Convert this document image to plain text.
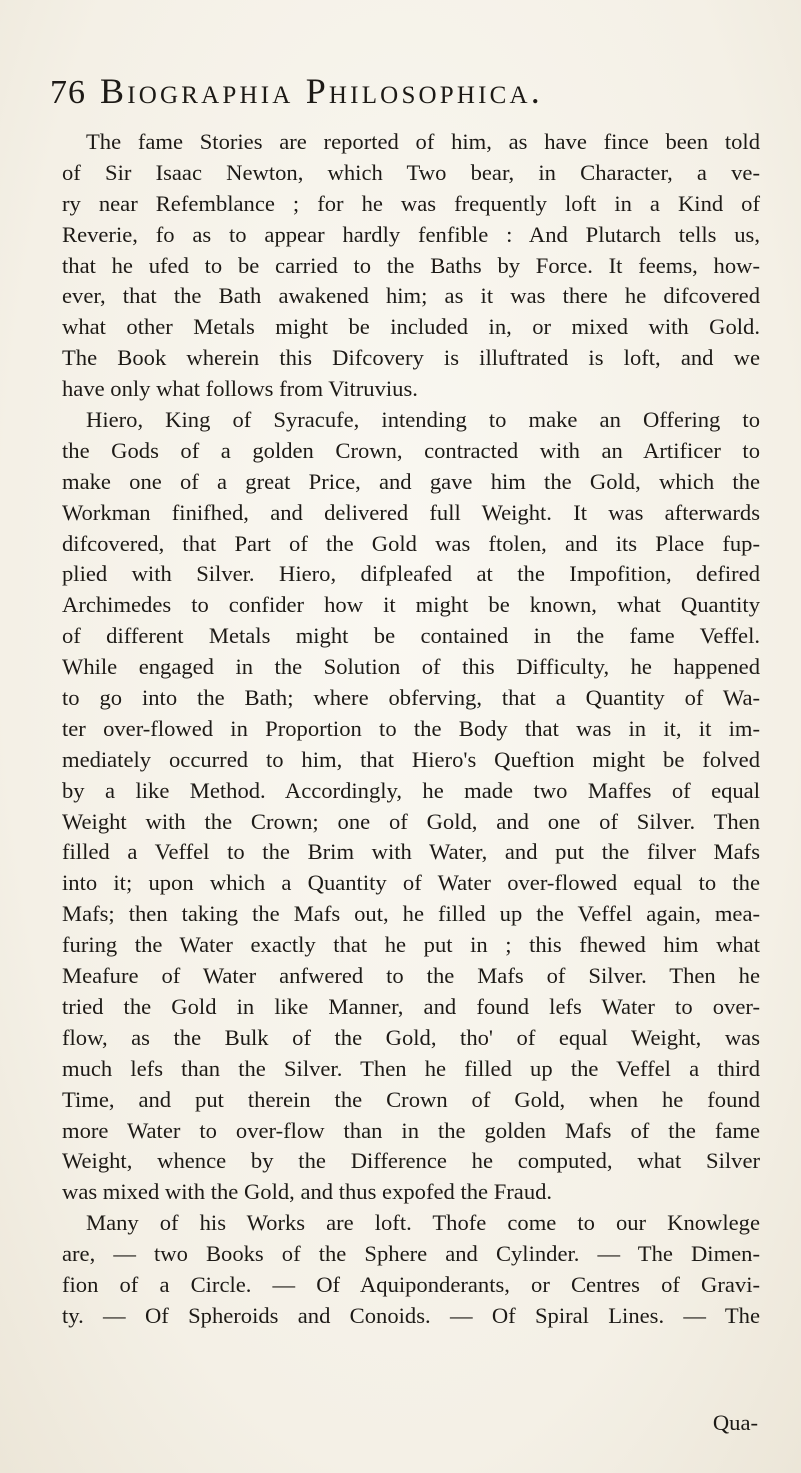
76 Biographia Philosophica.
The fame Stories are reported of him, as have fince been told
of Sir Isaac Newton, which Two bear, in Character, a ve-
ry near Refemblance ; for he was frequently loft in a Kind of
Reverie, fo as to appear hardly fenfible : And Plutarch tells us,
that he ufed to be carried to the Baths by Force. It feems, how-
ever, that the Bath awakened him; as it was there he difcovered
what other Metals might be included in, or mixed with Gold.
The Book wherein this Difcovery is illuftrated is loft, and we
have only what follows from Vitruvius.
Hiero, King of Syracufe, intending to make an Offering to
the Gods of a golden Crown, contracted with an Artificer to
make one of a great Price, and gave him the Gold, which the
Workman finifhed, and delivered full Weight. It was afterwards
difcovered, that Part of the Gold was ftolen, and its Place fup-
plied with Silver. Hiero, difpleafed at the Impofition, defired
Archimedes to confider how it might be known, what Quantity
of different Metals might be contained in the fame Veffel.
While engaged in the Solution of this Difficulty, he happened
to go into the Bath; where obferving, that a Quantity of Wa-
ter over-flowed in Proportion to the Body that was in it, it im-
mediately occurred to him, that Hiero's Queftion might be folved
by a like Method. Accordingly, he made two Maffes of equal
Weight with the Crown; one of Gold, and one of Silver. Then
filled a Veffel to the Brim with Water, and put the filver Mafs
into it; upon which a Quantity of Water over-flowed equal to the
Mafs; then taking the Mafs out, he filled up the Veffel again, mea-
furing the Water exactly that he put in ; this fhewed him what
Meafure of Water anfwered to the Mafs of Silver. Then he
tried the Gold in like Manner, and found lefs Water to over-
flow, as the Bulk of the Gold, tho' of equal Weight, was
much lefs than the Silver. Then he filled up the Veffel a third
Time, and put therein the Crown of Gold, when he found
more Water to over-flow than in the golden Mafs of the fame
Weight, whence by the Difference he computed, what Silver
was mixed with the Gold, and thus expofed the Fraud.
Many of his Works are loft. Thofe come to our Knowlege
are, — two Books of the Sphere and Cylinder. — The Dimen-
fion of a Circle. — Of Aquiponderants, or Centres of Gravi-
ty. — Of Spheroids and Conoids. — Of Spiral Lines. — The
Qua-
